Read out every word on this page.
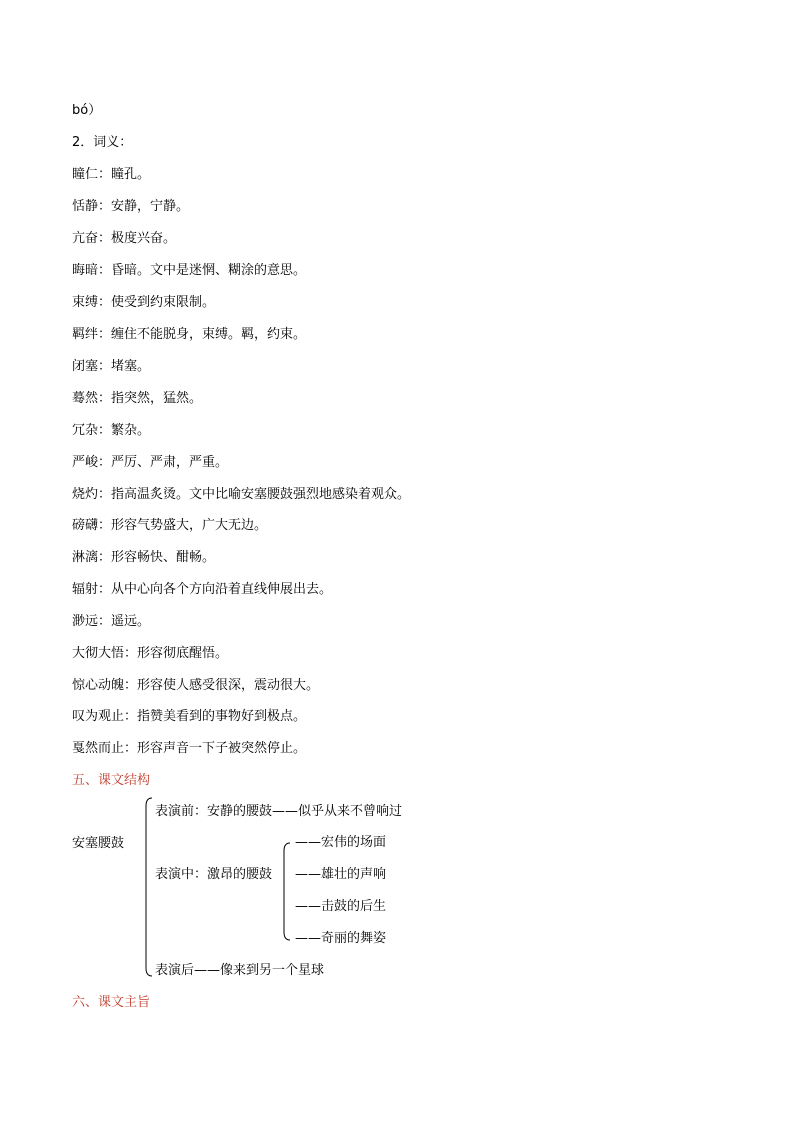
bó）
2．词义：
瞳仁：瞳孔。
恬静：安静，宁静。
亢奋：极度兴奋。
晦暗：昏暗。文中是迷惘、糊涂的意思。
束缚：使受到约束限制。
羁绊：缠住不能脱身，束缚。羁，约束。
闭塞：堵塞。
蓦然：指突然，猛然。
冗杂：繁杂。
严峻：严厉、严肃，严重。
烧灼：指高温炙烫。文中比喻安塞腰鼓强烈地感染着观众。
磅礴：形容气势盛大，广大无边。
淋漓：形容畅快、酣畅。
辐射：从中心向各个方向沿着直线伸展出去。
渺远：遥远。
大彻大悟：形容彻底醒悟。
惊心动魄：形容使人感受很深，震动很大。
叹为观止：指赞美看到的事物好到极点。
戛然而止：形容声音一下子被突然停止。
五、课文结构
安塞腰鼓
表演前：安静的腰鼓——似乎从来不曾响过
表演中：激昂的腰鼓
——宏伟的场面
——雄壮的声响
——击鼓的后生
——奇丽的舞姿
表演后——像来到另一个星球
六、课文主旨
